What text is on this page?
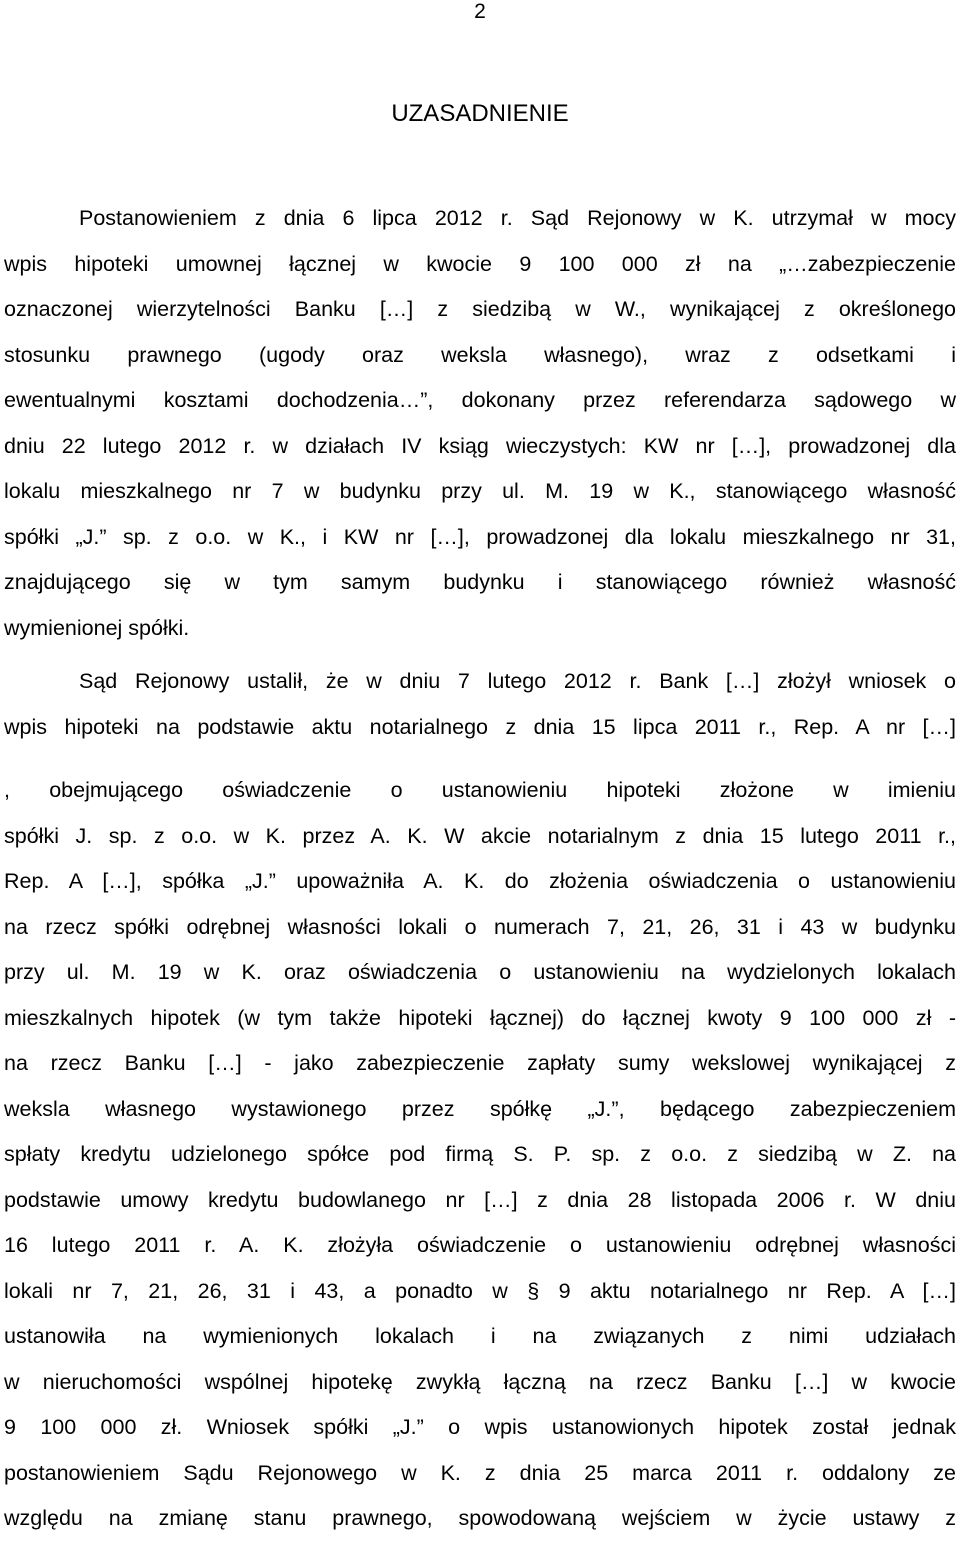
2
UZASADNIENIE
Postanowieniem z dnia 6 lipca 2012 r. Sąd Rejonowy w K. utrzymał w mocy
wpis hipoteki umownej łącznej w kwocie 9 100 000 zł na „…zabezpieczenie
oznaczonej wierzytelności Banku […] z siedzibą w W., wynikającej z określonego
stosunku prawnego (ugody oraz weksla własnego), wraz z odsetkami i
ewentualnymi kosztami dochodzenia…”, dokonany przez referendarza sądowego w
dniu 22 lutego 2012 r. w działach IV ksiąg wieczystych: KW nr […], prowadzonej dla
lokalu mieszkalnego nr 7 w budynku przy ul. M. 19 w K., stanowiącego własność
spółki „J.” sp. z o.o. w K., i KW nr […], prowadzonej dla lokalu mieszkalnego nr 31,
znajdującego się w tym samym budynku i stanowiącego również własność
wymienionej spółki.
Sąd Rejonowy ustalił, że w dniu 7 lutego 2012 r. Bank […] złożył wniosek o
wpis hipoteki na podstawie aktu notarialnego z dnia 15 lipca 2011 r., Rep. A nr […]
, obejmującego oświadczenie o ustanowieniu hipoteki złożone w imieniu
spółki J. sp. z o.o. w K. przez A. K. W akcie notarialnym z dnia 15 lutego 2011 r.,
Rep. A […], spółka „J.” upoważniła A. K. do złożenia oświadczenia o ustanowieniu
na rzecz spółki odrębnej własności lokali o numerach 7, 21, 26, 31 i 43 w budynku
przy ul. M. 19 w K. oraz oświadczenia o ustanowieniu na wydzielonych lokalach
mieszkalnych hipotek (w tym także hipoteki łącznej) do łącznej kwoty 9 100 000 zł -
na rzecz Banku […] - jako zabezpieczenie zapłaty sumy wekslowej wynikającej z
weksla własnego wystawionego przez spółkę „J.”, będącego zabezpieczeniem
spłaty kredytu udzielonego spółce pod firmą S. P. sp. z o.o. z siedzibą w Z. na
podstawie umowy kredytu budowlanego nr […] z dnia 28 listopada 2006 r. W dniu
16 lutego 2011 r. A. K. złożyła oświadczenie o ustanowieniu odrębnej własności
lokali nr 7, 21, 26, 31 i 43, a ponadto w § 9 aktu notarialnego nr Rep. A […]
ustanowiła na wymienionych lokalach i na związanych z nimi udziałach
w nieruchomości wspólnej hipotekę zwykłą łączną na rzecz Banku […] w kwocie
9 100 000 zł. Wniosek spółki „J.” o wpis ustanowionych hipotek został jednak
postanowieniem Sądu Rejonowego w K. z dnia 25 marca 2011 r. oddalony ze
względu na zmianę stanu prawnego, spowodowaną wejściem w życie ustawy z
